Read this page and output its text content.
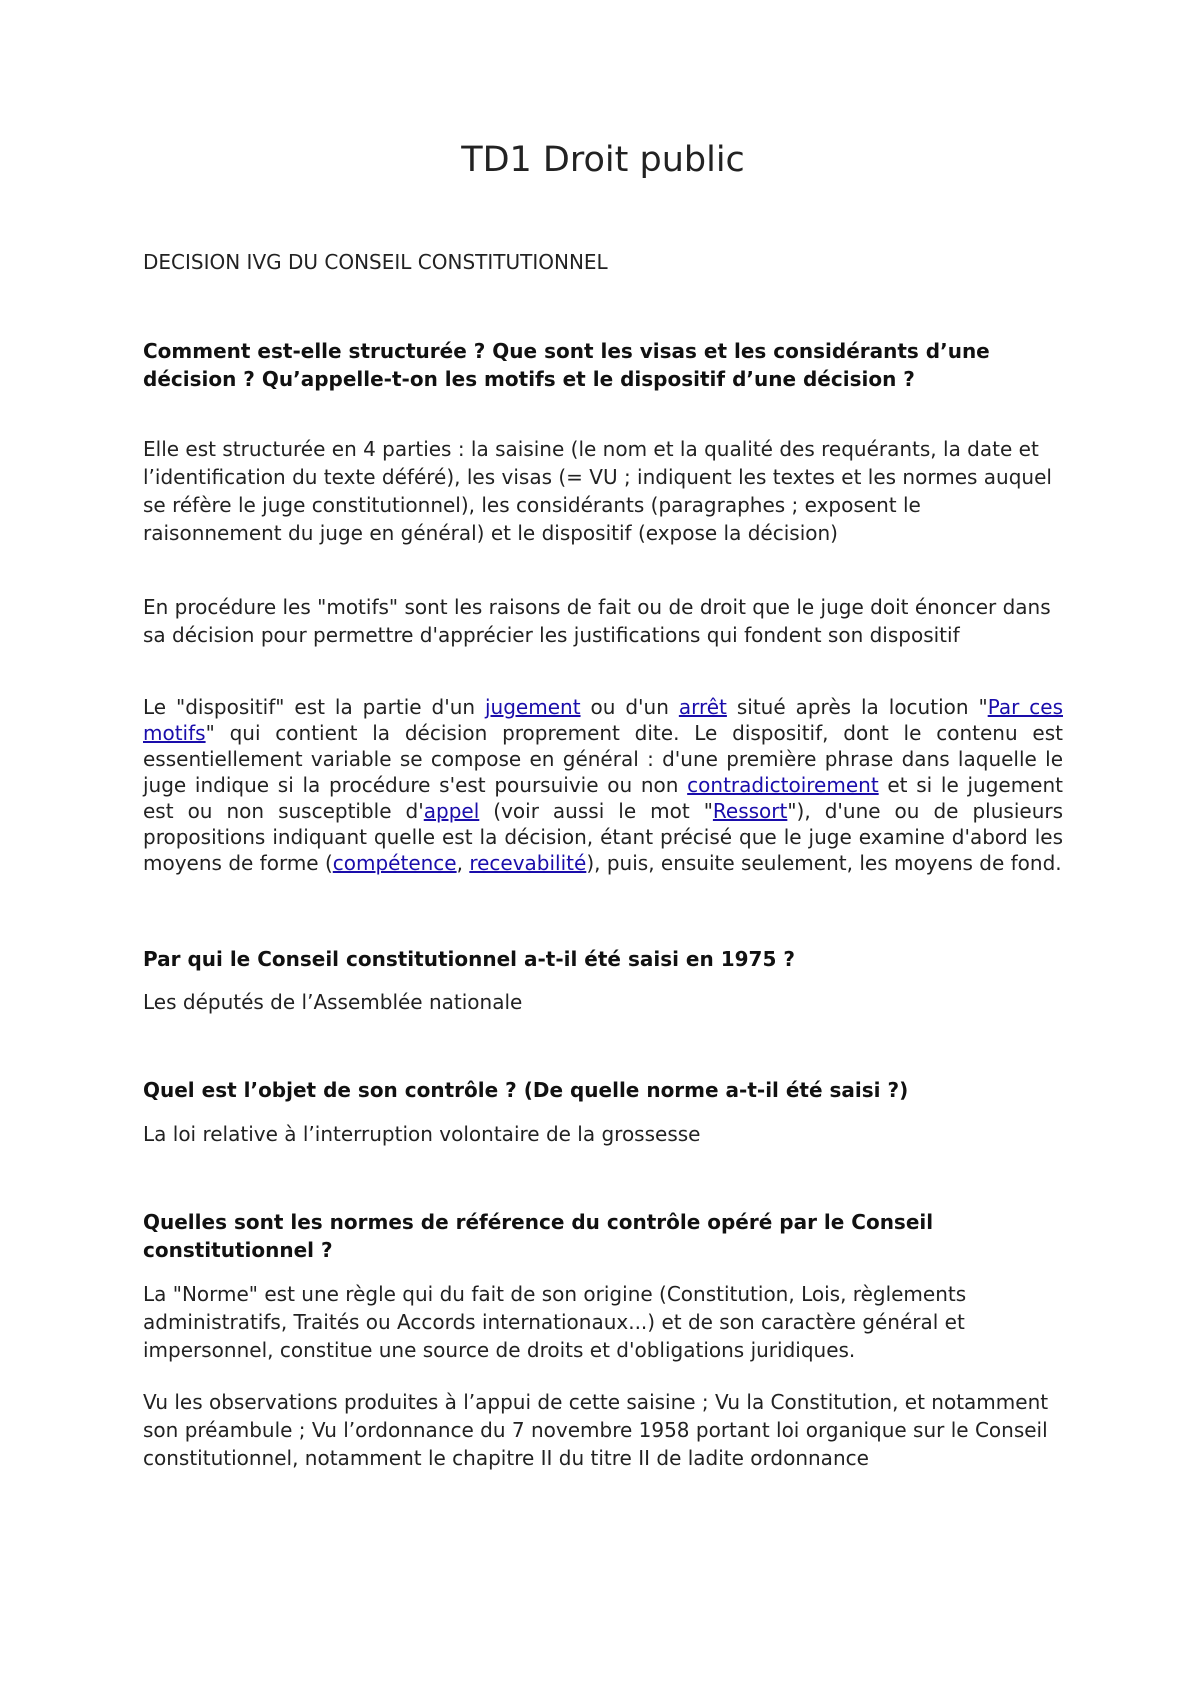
TD1 Droit public

DECISION IVG DU CONSEIL CONSTITUTIONNEL

Comment est-elle structurée ? Que sont les visas et les considérants d’une décision ? Qu’appelle-t-on les motifs et le dispositif d’une décision ?

Elle est structurée en 4 parties : la saisine (le nom et la qualité des requérants, la date et l’identification du texte déféré), les visas (= VU ; indiquent les textes et les normes auquel se réfère le juge constitutionnel), les considérants (paragraphes ; exposent le raisonnement du juge en général) et le dispositif (expose la décision)

En procédure les "motifs" sont les raisons de fait ou de droit que le juge doit énoncer dans sa décision pour permettre d'apprécier les justifications qui fondent son dispositif

Le "dispositif" est la partie d'un jugement ou d'un arrêt situé après la locution "Par ces motifs" qui contient la décision proprement dite. Le dispositif, dont le contenu est essentiellement variable se compose en général : d'une première phrase dans laquelle le juge indique si la procédure s'est poursuivie ou non contradictoirement et si le jugement est ou non susceptible d'appel (voir aussi le mot "Ressort"), d'une ou de plusieurs propositions indiquant quelle est la décision, étant précisé que le juge examine d'abord les moyens de forme (compétence, recevabilité), puis, ensuite seulement, les moyens de fond.

Par qui le Conseil constitutionnel a-t-il été saisi en 1975 ?

Les députés de l’Assemblée nationale

Quel est l’objet de son contrôle ? (De quelle norme a-t-il été saisi ?)

La loi relative à l’interruption volontaire de la grossesse

Quelles sont les normes de référence du contrôle opéré par le Conseil constitutionnel ?

La "Norme" est une règle qui du fait de son origine (Constitution, Lois, règlements administratifs, Traités ou Accords internationaux...) et de son caractère général et impersonnel, constitue une source de droits et d'obligations juridiques.

Vu les observations produites à l’appui de cette saisine ; Vu la Constitution, et notamment son préambule ; Vu l’ordonnance du 7 novembre 1958 portant loi organique sur le Conseil constitutionnel, notamment le chapitre II du titre II de ladite ordonnance
